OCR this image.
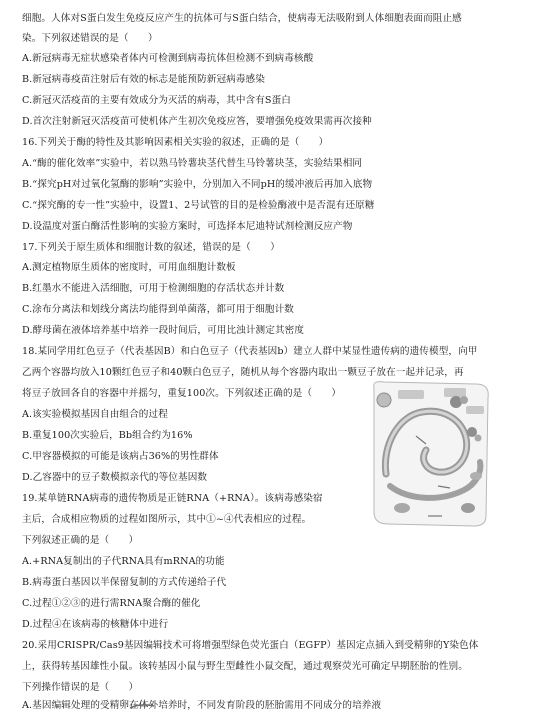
细胞。人体对S蛋白发生免疫反应产生的抗体可与S蛋白结合，使病毒无法吸附到人体细胞表面而阻止感
染。下列叙述错误的是（　　）
A.新冠病毒无症状感染者体内可检测到病毒抗体但检测不到病毒核酸
B.新冠病毒疫苗注射后有效的标志是能预防新冠病毒感染
C.新冠灭活疫苗的主要有效成分为灭活的病毒，其中含有S蛋白
D.首次注射新冠灭活疫苗可使机体产生初次免疫应答，要增强免疫效果需再次接种
16.下列关于酶的特性及其影响因素相关实验的叙述，正确的是（　　）
A.“酶的催化效率”实验中，若以熟马铃薯块茎代替生马铃薯块茎，实验结果相同
B.“探究pH对过氧化氢酶的影响”实验中，分别加入不同pH的缓冲液后再加入底物
C.“探究酶的专一性”实验中，设置1、2号试管的目的是检验酶液中是否混有还原糖
D.设温度对蛋白酶活性影响的实验方案时，可选择本尼迪特试剂检测反应产物
17.下列关于原生质体和细胞计数的叙述，错误的是（　　）
A.测定植物原生质体的密度时，可用血细胞计数板
B.红墨水不能进入活细胞，可用于检测细胞的存活状态并计数
C.涂布分离法和划线分离法均能得到单菌落，都可用于细胞计数
D.酵母菌在液体培养基中培养一段时间后，可用比浊计测定其密度
18.某同学用红色豆子（代表基因B）和白色豆子（代表基因b）建立人群中某显性遗传病的遗传模型，向甲
乙两个容器均放入10颗红色豆子和40颗白色豆子，随机从每个容器内取出一颗豆子放在一起并记录，再
将豆子放回各自的容器中并摇匀，重复100次。下列叙述正确的是（　　）
A.该实验模拟基因自由组合的过程
B.重复100次实验后，Bb组合约为16%
C.甲容器模拟的可能是该病占36%的男性群体
D.乙容器中的豆子数模拟亲代的等位基因数
19.某单链RNA病毒的遗传物质是正链RNA（+RNA）。该病毒感染宿
主后，合成相应物质的过程如图所示，其中①~④代表相应的过程。
下列叙述正确的是（　　）
A.+RNA复制出的子代RNA具有mRNA的功能
B.病毒蛋白基因以半保留复制的方式传递给子代
C.过程①②③的进行需RNA聚合酶的催化
D.过程④在该病毒的核糖体中进行
20.采用CRISPR/Cas9基因编辑技术可将增强型绿色荧光蛋白（EGFP）基因定点插入到受精卵的Y染色体
上，获得转基因雄性小鼠。该转基因小鼠与野生型雌性小鼠交配，通过观察荧光可确定早期胚胎的性别。
下列操作错误的是（　　）
A.基因编辑处理的受精卵在体外培养时，不同发育阶段的胚胎需用不同成分的培养液
